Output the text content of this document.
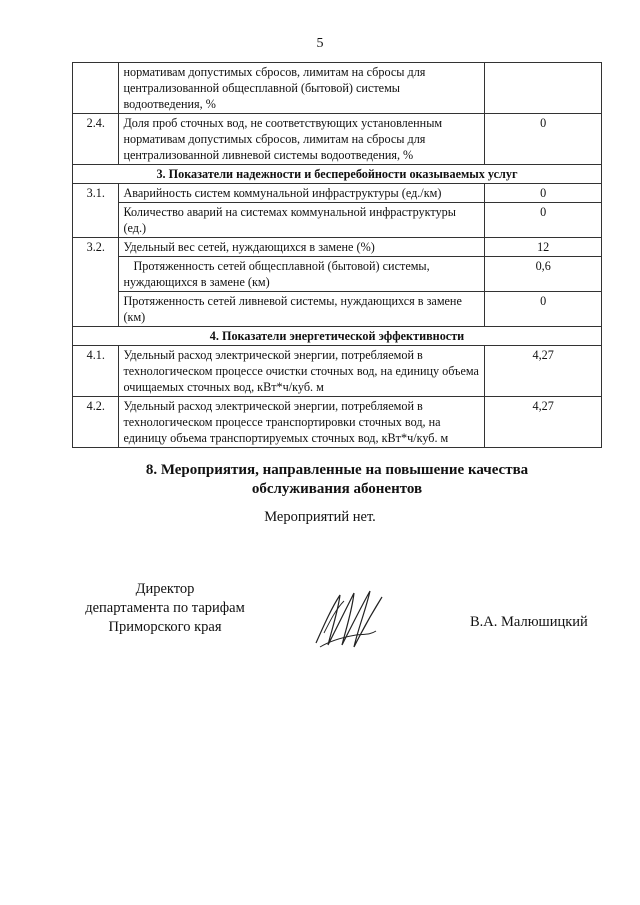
5
	нормативам допустимых сбросов, лимитам на сбросы для централизованной общесплавной (бытовой) системы водоотведения, %	
2.4.	Доля проб сточных вод, не соответствующих установленным нормативам допустимых сбросов, лимитам на сбросы для централизованной ливневой системы водоотведения, %	0
3. Показатели надежности и бесперебойности оказываемых услуг		
3.1.	Аварийность систем коммунальной инфраструктуры (ед./км)	0
	Количество аварий на системах коммунальной инфраструктуры (ед.)	0
3.2.	Удельный вес сетей, нуждающихся в замене (%)	12
	Протяженность сетей общесплавной (бытовой) системы, нуждающихся в замене (км)	0,6
	Протяженность сетей ливневой системы, нуждающихся в замене (км)	0
4. Показатели энергетической эффективности		
4.1.	Удельный расход электрической энергии, потребляемой в технологическом процессе очистки сточных вод, на единицу объема очищаемых сточных вод, кВт*ч/куб. м	4,27
4.2.	Удельный расход электрической энергии, потребляемой в технологическом процессе транспортировки сточных вод, на единицу объема транспортируемых сточных вод, кВт*ч/куб. м	4,27
8. Мероприятия, направленные на повышение качества
обслуживания абонентов
Мероприятий нет.
Директор
департамента по тарифам
Приморского края	В.А. Малюшицкий
